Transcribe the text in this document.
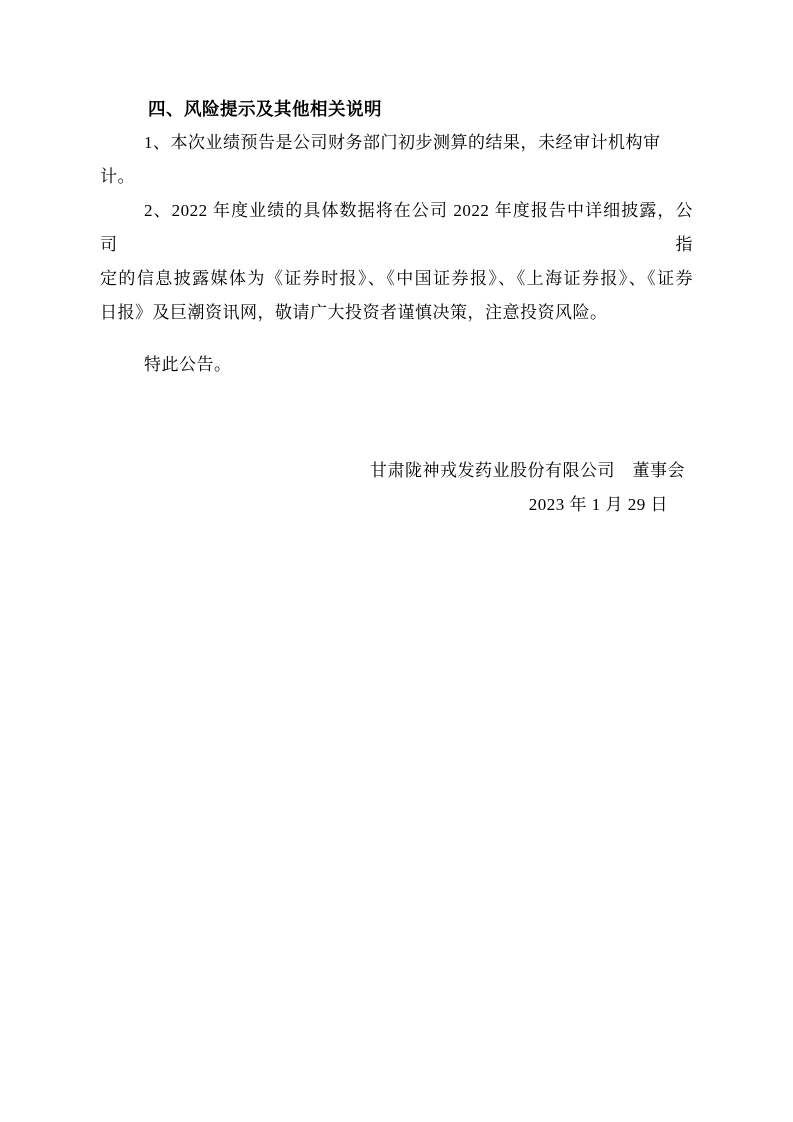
四、风险提示及其他相关说明
1、本次业绩预告是公司财务部门初步测算的结果，未经审计机构审计。
2、2022 年度业绩的具体数据将在公司 2022 年度报告中详细披露，公司指
定的信息披露媒体为《证券时报》、《中国证券报》、《上海证券报》、《证券
日报》及巨潮资讯网，敬请广大投资者谨慎决策，注意投资风险。
特此公告。
甘肃陇神戎发药业股份有限公司　董事会
2023 年 1 月 29 日
